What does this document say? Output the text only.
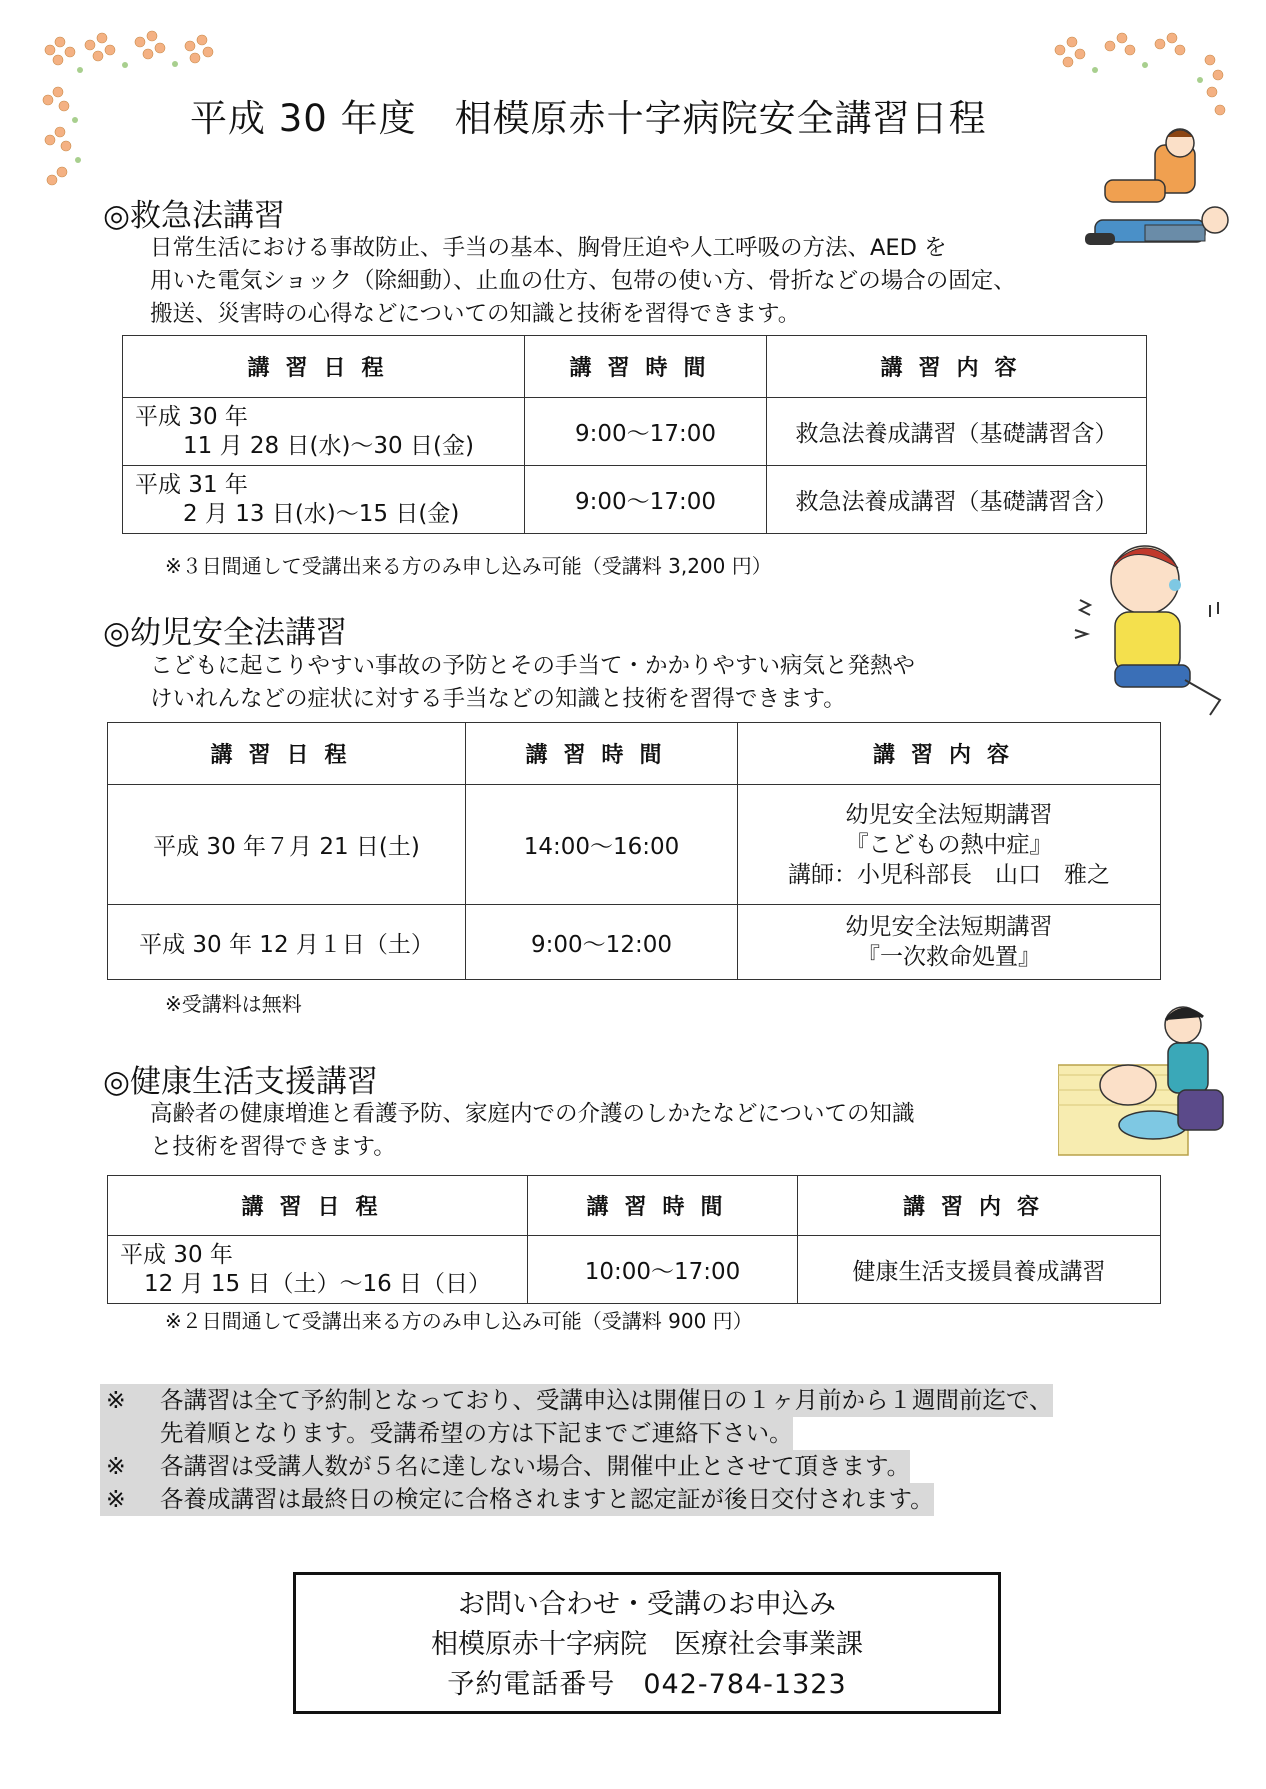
平成 30 年度　相模原赤十字病院安全講習日程
◎救急法講習
日常生活における事故防止、手当の基本、胸骨圧迫や人工呼吸の方法、AED を
用いた電気ショック（除細動）、止血の仕方、包帯の使い方、骨折などの場合の固定、
搬送、災害時の心得などについての知識と技術を習得できます。
講習日程	講習時間	講習内容

平成 30 年
11 月 28 日(水)～30 日(金)	9:00～17:00	救急法養成講習（基礎講習含）

平成 31 年
2 月 13 日(水)～15 日(金)	9:00～17:00	救急法養成講習（基礎講習含）
※３日間通して受講出来る方のみ申し込み可能（受講料 3,200 円）
◎幼児安全法講習
こどもに起こりやすい事故の予防とその手当て・かかりやすい病気と発熱や
けいれんなどの症状に対する手当などの知識と技術を習得できます。
講習日程	講習時間	講習内容
平成 30 年７月 21 日(土)	14:00～16:00	幼児安全法短期講習
『こどもの熱中症』
講師：小児科部長　山口　雅之

平成 30 年 12 月１日（土）	9:00～12:00	幼児安全法短期講習
『一次救命処置』
※受講料は無料
◎健康生活支援講習
高齢者の健康増進と看護予防、家庭内での介護のしかたなどについての知識
と技術を習得できます。
講習日程	講習時間	講習内容

平成 30 年
12 月 15 日（土）～16 日（日）	10:00～17:00	健康生活支援員養成講習
※２日間通して受講出来る方のみ申し込み可能（受講料 900 円）
※	各講習は全て予約制となっており、受講申込は開催日の１ヶ月前から１週間前迄で、
先着順となります。受講希望の方は下記までご連絡下さい。
※	各講習は受講人数が５名に達しない場合、開催中止とさせて頂きます。
※	各養成講習は最終日の検定に合格されますと認定証が後日交付されます。
お問い合わせ・受講のお申込み
相模原赤十字病院　医療社会事業課
予約電話番号　042-784-1323
